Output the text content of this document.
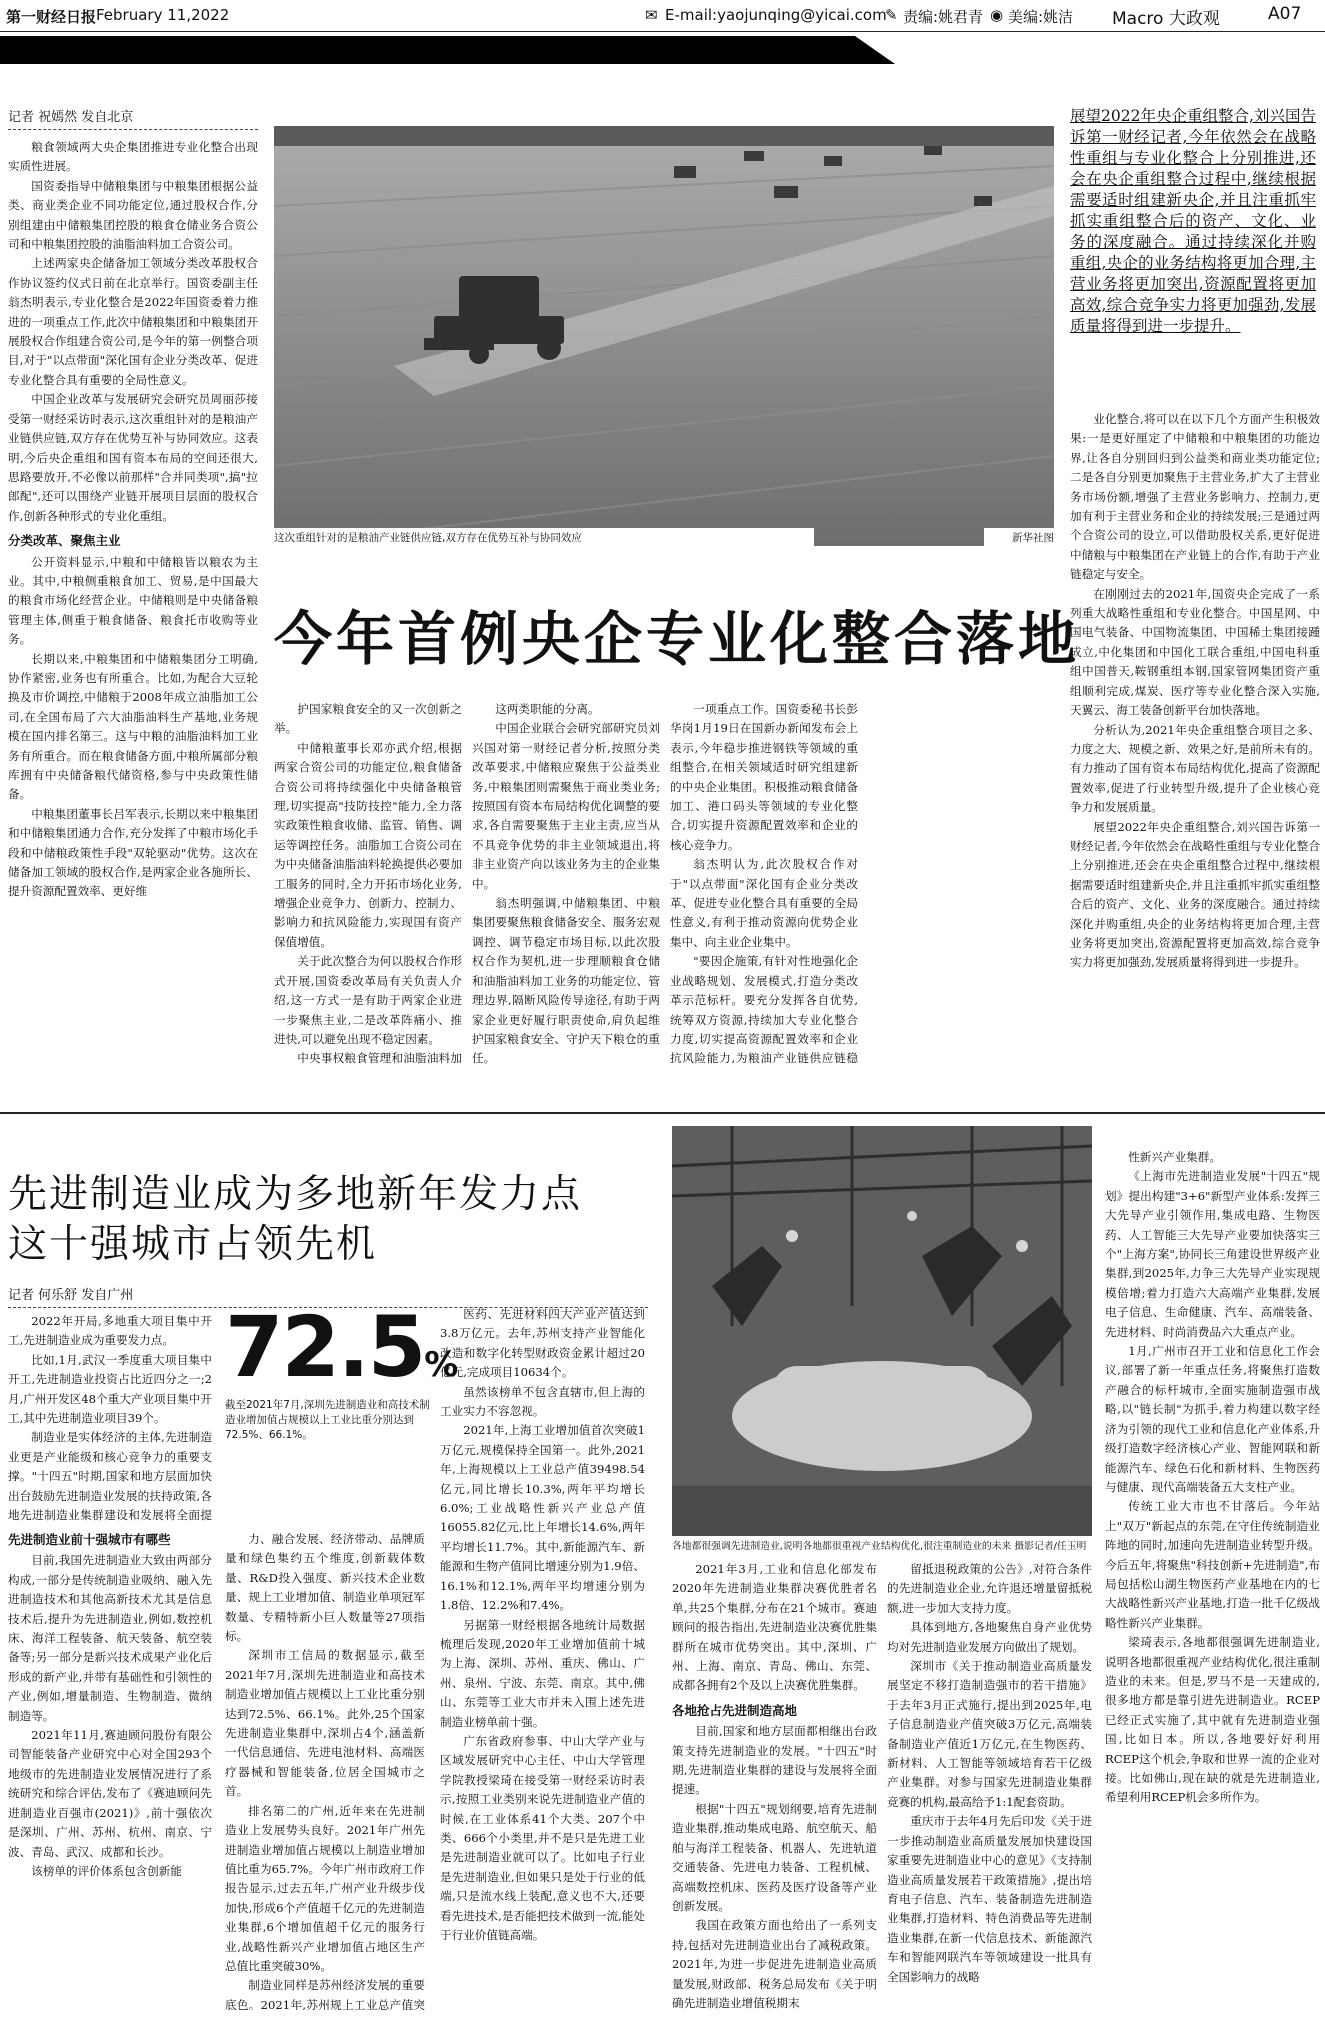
第一财经日报 February 11,2022	✉ E-mail:yaojunqing@yicai.com
✎ 责编:姚君青 ◉ 美编:姚洁 Macro 大政观	A07
记者 祝嫣然 发自北京

粮食领域两大央企集团推进专业化整合出现实质性进展。

国资委指导中储粮集团与中粮集团根据公益类、商业类企业不同功能定位,通过股权合作,分别组建由中储粮集团控股的粮食仓储业务合资公司和中粮集团控股的油脂油料加工合资公司。

上述两家央企储备加工领域分类改革股权合作协议签约仪式日前在北京举行。国资委副主任翁杰明表示,专业化整合是2022年国资委着力推进的一项重点工作,此次中储粮集团和中粮集团开展股权合作组建合资公司,是今年的第一例整合项目,对于"以点带面"深化国有企业分类改革、促进专业化整合具有重要的全局性意义。

中国企业改革与发展研究会研究员周丽莎接受第一财经采访时表示,这次重组针对的是粮油产业链供应链,双方存在优势互补与协同效应。这表明,今后央企重组和国有资本布局的空间还很大,思路要放开,不必像以前那样"合并同类项",搞"拉郎配",还可以围绕产业链开展项目层面的股权合作,创新各种形式的专业化重组。

分类改革、聚焦主业

公开资料显示,中粮和中储粮皆以粮农为主业。其中,中粮侧重粮食加工、贸易,是中国最大的粮食市场化经营企业。中储粮则是中央储备粮管理主体,侧重于粮食储备、粮食托市收购等业务。

长期以来,中粮集团和中储粮集团分工明确,协作紧密,业务也有所重合。比如,为配合大豆轮换及市价调控,中储粮于2008年成立油脂加工公司,在全国布局了六大油脂油料生产基地,业务规模在国内排名第三。这与中粮的油脂油料加工业务有所重合。而在粮食储备方面,中粮所属部分粮库拥有中央储备粮代储资格,参与中央政策性储备。

中粮集团董事长吕军表示,长期以来中粮集团和中储粮集团通力合作,充分发挥了中粮市场化手段和中储粮政策性手段"双轮驱动"优势。这次在储备加工领域的股权合作,是两家企业各施所长、提升资源配置效率、更好维

这次重组针对的是粮油产业链供应链,双方存在优势互补与协同效应	新华社图
展望2022年央企重组整合,刘兴国告诉第一财经记者,今年依然会在战略性重组与专业化整合上分别推进,还会在央企重组整合过程中,继续根据需要适时组建新央企,并且注重抓牢抓实重组整合后的资产、文化、业务的深度融合。通过持续深化并购重组,央企的业务结构将更加合理,主营业务将更加突出,资源配置将更加高效,综合竞争实力将更加强劲,发展质量将得到进一步提升。

业化整合,将可以在以下几个方面产生积极效果:一是更好厘定了中储粮和中粮集团的功能边界,让各自分别回归到公益类和商业类功能定位;二是各自分别更加聚焦于主营业务,扩大了主营业务市场份额,增强了主营业务影响力、控制力,更加有利于主营业务和企业的持续发展;三是通过两个合资公司的设立,可以借助股权关系,更好促进中储粮与中粮集团在产业链上的合作,有助于产业链稳定与安全。

在刚刚过去的2021年,国资央企完成了一系列重大战略性重组和专业化整合。中国星网、中国电气装备、中国物流集团、中国稀土集团接踵成立,中化集团和中国化工联合重组,中国电科重组中国普天,鞍钢重组本钢,国家管网集团资产重组顺利完成,煤炭、医疗等专业化整合深入实施,天翼云、海工装备创新平台加快落地。

分析认为,2021年央企重组整合项目之多、力度之大、规模之新、效果之好,是前所未有的。有力推动了国有资本布局结构优化,提高了资源配置效率,促进了行业转型升级,提升了企业核心竞争力和发展质量。

展望2022年央企重组整合,刘兴国告诉第一财经记者,今年依然会在战略性重组与专业化整合上分别推进,还会在央企重组整合过程中,继续根据需要适时组建新央企,并且注重抓牢抓实重组整合后的资产、文化、业务的深度融合。通过持续深化并购重组,央企的业务结构将更加合理,主营业务将更加突出,资源配置将更加高效,综合竞争实力将更加强劲,发展质量将得到进一步提升。

今年首例央企专业化整合落地

护国家粮食安全的又一次创新之举。

中储粮董事长邓亦武介绍,根据两家合资公司的功能定位,粮食储备合资公司将持续强化中央储备粮管理,切实提高"技防技控"能力,全力落实政策性粮食收储、监管、销售、调运等调控任务。油脂加工合资公司在为中央储备油脂油料轮换提供必要加工服务的同时,全力开拓市场化业务,增强企业竞争力、创新力、控制力、影响力和抗风险能力,实现国有资产保值增值。

关于此次整合为何以股权合作形式开展,国资委改革局有关负责人介绍,这一方式一是有助于两家企业进一步聚焦主业,二是改革阵痛小、推进快,可以避免出现不稳定因素。

中央事权粮食管理和油脂油料加

这两类职能的分离。

中国企业联合会研究部研究员刘兴国对第一财经记者分析,按照分类改革要求,中储粮应聚焦于公益类业务,中粮集团则需聚焦于商业类业务;按照国有资本布局结构优化调整的要求,各自需要聚焦于主业主责,应当从不具竞争优势的非主业领域退出,将非主业资产向以该业务为主的企业集中。

翁杰明强调,中储粮集团、中粮集团要聚焦粮食储备安全、服务宏观调控、调节稳定市场目标,以此次股权合作为契机,进一步理顺粮食仓储和油脂油料加工业务的功能定位、管理边界,隔断风险传导途径,有助于两家企业更好履行职责使命,肩负起维护国家粮食安全、守护天下粮仓的重任。

一项重点工作。国资委秘书长彭华岗1月19日在国新办新闻发布会上表示,今年稳步推进钢铁等领域的重组整合,在相关领域适时研究组建新的中央企业集团。积极推动粮食储备加工、港口码头等领域的专业化整合,切实提升资源配置效率和企业的核心竞争力。

翁杰明认为,此次股权合作对于"以点带面"深化国有企业分类改革、促进专业化整合具有重要的全局性意义,有利于推动资源向优势企业集中、向主业企业集中。

"要因企施策,有针对性地强化企业战略规划、发展模式,打造分类改革示范标杆。要充分发挥各自优势,统筹双方资源,持续加大专业化整合力度,切实提高资源配置效率和企业抗风险能力,为粮油产业链供应链稳

先进制造业成为多地新年发力点
这十强城市占领先机
记者 何乐舒 发自广州

2022年开局,多地重大项目集中开工,先进制造业成为重要发力点。

比如,1月,武汉一季度重大项目集中开工,先进制造业投资占比近四分之一;2月,广州开发区48个重大产业项目集中开工,其中先进制造业项目39个。

制造业是实体经济的主体,先进制造业更是产业能级和核心竞争力的重要支撑。"十四五"时期,国家和地方层面加快出台鼓励先进制造业发展的扶持政策,各地先进制造业集群建设和发展将全面提

72.5%
截至2021年7月,深圳先进制造业和高技术制造业增加值占规模以上工业比重分别达到72.5%、66.1%。
先进制造业前十强城市有哪些

目前,我国先进制造业大致由两部分构成,一部分是传统制造业吸纳、融入先进制造技术和其他高新技术尤其是信息技术后,提升为先进制造业,例如,数控机床、海洋工程装备、航天装备、航空装备等;另一部分是新兴技术成果产业化后形成的新产业,并带有基础性和引领性的产业,例如,增量制造、生物制造、微纳制造等。

2021年11月,赛迪顾问股份有限公司智能装备产业研究中心对全国293个地级市的先进制造业发展情况进行了系统研究和综合评估,发布了《赛迪顾问先进制造业百强市(2021)》,前十强依次是深圳、广州、苏州、杭州、南京、宁波、青岛、武汉、成都和长沙。

该榜单的评价体系包含创新能

力、融合发展、经济带动、品牌质量和绿色集约五个维度,创新载体数量、R&D投入强度、新兴技术企业数量、规上工业增加值、制造业单项冠军数量、专精特新小巨人数量等27项指标。

深圳市工信局的数据显示,截至2021年7月,深圳先进制造业和高技术制造业增加值占规模以上工业比重分别达到72.5%、66.1%。此外,25个国家先进制造业集群中,深圳占4个,涵盖新一代信息通信、先进电池材料、高端医疗器械和智能装备,位居全国城市之首。

排名第二的广州,近年来在先进制造业上发展势头良好。2021年广州先进制造业增加值占规模以上制造业增加值比重为65.7%。今年广州市政府工作报告显示,过去五年,广州产业升级步伐加快,形成6个产值超千亿元的先进制造业集群,6个增加值超千亿元的服务行业,战略性新兴产业增加值占地区生产总值比重突破30%。

制造业同样是苏州经济发展的重要底色。2021年,苏州规上工业总产值突

医药、先进材料四大产业产值达到3.8万亿元。去年,苏州支持产业智能化改造和数字化转型财政资金累计超过20亿元,完成项目10634个。

虽然该榜单不包含直辖市,但上海的工业实力不容忽视。

2021年,上海工业增加值首次突破1万亿元,规模保持全国第一。此外,2021年,上海规模以上工业总产值39498.54亿元,同比增长10.3%,两年平均增长6.0%;工业战略性新兴产业总产值16055.82亿元,比上年增长14.6%,两年平均增长11.7%。其中,新能源汽车、新能源和生物产值同比增速分别为1.9倍、16.1%和12.1%,两年平均增速分别为1.8倍、12.2%和7.4%。

另据第一财经根据各地统计局数据梳理后发现,2020年工业增加值前十城为上海、深圳、苏州、重庆、佛山、广州、泉州、宁波、东莞、南京。其中,佛山、东莞等工业大市并未入围上述先进制造业榜单前十强。

广东省政府参事、中山大学产业与区域发展研究中心主任、中山大学管理学院教授梁琦在接受第一财经采访时表示,按照工业类别来说先进制造业产值的时候,在工业体系41个大类、207个中类、666个小类里,并不是只是先进工业是先进制造业就可以了。比如电子行业是先进制造业,但如果只是处于行业的低端,只是流水线上装配,意义也不大,还要看先进技术,是否能把技术做到一流,能处于行业价值链高端。

各地都很强调先进制造业,说明各地都很重视产业结构优化,很注重制造业的未来 摄影记者/任玉明

2021年3月,工业和信息化部发布2020年先进制造业集群决赛优胜者名单,共25个集群,分布在21个城市。赛迪顾问的报告指出,先进制造业决赛优胜集群所在城市优势突出。其中,深圳、广州、上海、南京、青岛、佛山、东莞、成都各拥有2个及以上决赛优胜集群。

各地抢占先进制造高地

目前,国家和地方层面都相继出台政策支持先进制造业的发展。"十四五"时期,先进制造业集群的建设与发展将全面提速。

根据"十四五"规划纲要,培育先进制造业集群,推动集成电路、航空航天、船舶与海洋工程装备、机器人、先进轨道交通装备、先进电力装备、工程机械、高端数控机床、医药及医疗设备等产业创新发展。

我国在政策方面也给出了一系列支持,包括对先进制造业出台了减税政策。2021年,为进一步促进先进制造业高质量发展,财政部、税务总局发布《关于明确先进制造业增值税期末

留抵退税政策的公告》,对符合条件的先进制造业企业,允许退还增量留抵税额,进一步加大支持力度。

具体到地方,各地聚焦自身产业优势均对先进制造业发展方向做出了规划。

深圳市《关于推动制造业高质量发展坚定不移打造制造强市的若干措施》于去年3月正式施行,提出到2025年,电子信息制造业产值突破3万亿元,高端装备制造业产值近1万亿元,在生物医药、新材料、人工智能等领域培育若干亿级产业集群。对参与国家先进制造业集群竞赛的机构,最高给予1:1配套资助。

重庆市于去年4月先后印发《关于进一步推动制造业高质量发展加快建设国家重要先进制造业中心的意见》《支持制造业高质量发展若干政策措施》,提出培育电子信息、汽车、装备制造先进制造业集群,打造材料、特色消费品等先进制造业集群,在新一代信息技术、新能源汽车和智能网联汽车等领域建设一批具有全国影响力的战略

性新兴产业集群。

《上海市先进制造业发展"十四五"规划》提出构建"3+6"新型产业体系:发挥三大先导产业引领作用,集成电路、生物医药、人工智能三大先导产业要加快落实三个"上海方案",协同长三角建设世界级产业集群,到2025年,力争三大先导产业实现规模倍增;着力打造六大高端产业集群,发展电子信息、生命健康、汽车、高端装备、先进材料、时尚消费品六大重点产业。

1月,广州市召开工业和信息化工作会议,部署了新一年重点任务,将聚焦打造数产融合的标杆城市,全面实施制造强市战略,以"链长制"为抓手,着力构建以数字经济为引领的现代工业和信息化产业体系,升级打造数字经济核心产业、智能网联和新能源汽车、绿色石化和新材料、生物医药与健康、现代高端装备五大支柱产业。

传统工业大市也不甘落后。今年站上"双万"新起点的东莞,在守住传统制造业阵地的同时,加速向先进制造业转型升级。今后五年,将聚焦"科技创新+先进制造",布局包括松山湖生物医药产业基地在内的七大战略性新兴产业基地,打造一批千亿级战略性新兴产业集群。

梁琦表示,各地都很强调先进制造业,说明各地都很重视产业结构优化,很注重制造业的未来。但是,罗马不是一天建成的,很多地方都是靠引进先进制造业。RCEP已经正式实施了,其中就有先进制造业强国,比如日本。所以,各地要好好利用RCEP这个机会,争取和世界一流的企业对接。比如佛山,现在缺的就是先进制造业,希望利用RCEP机会多所作为。
